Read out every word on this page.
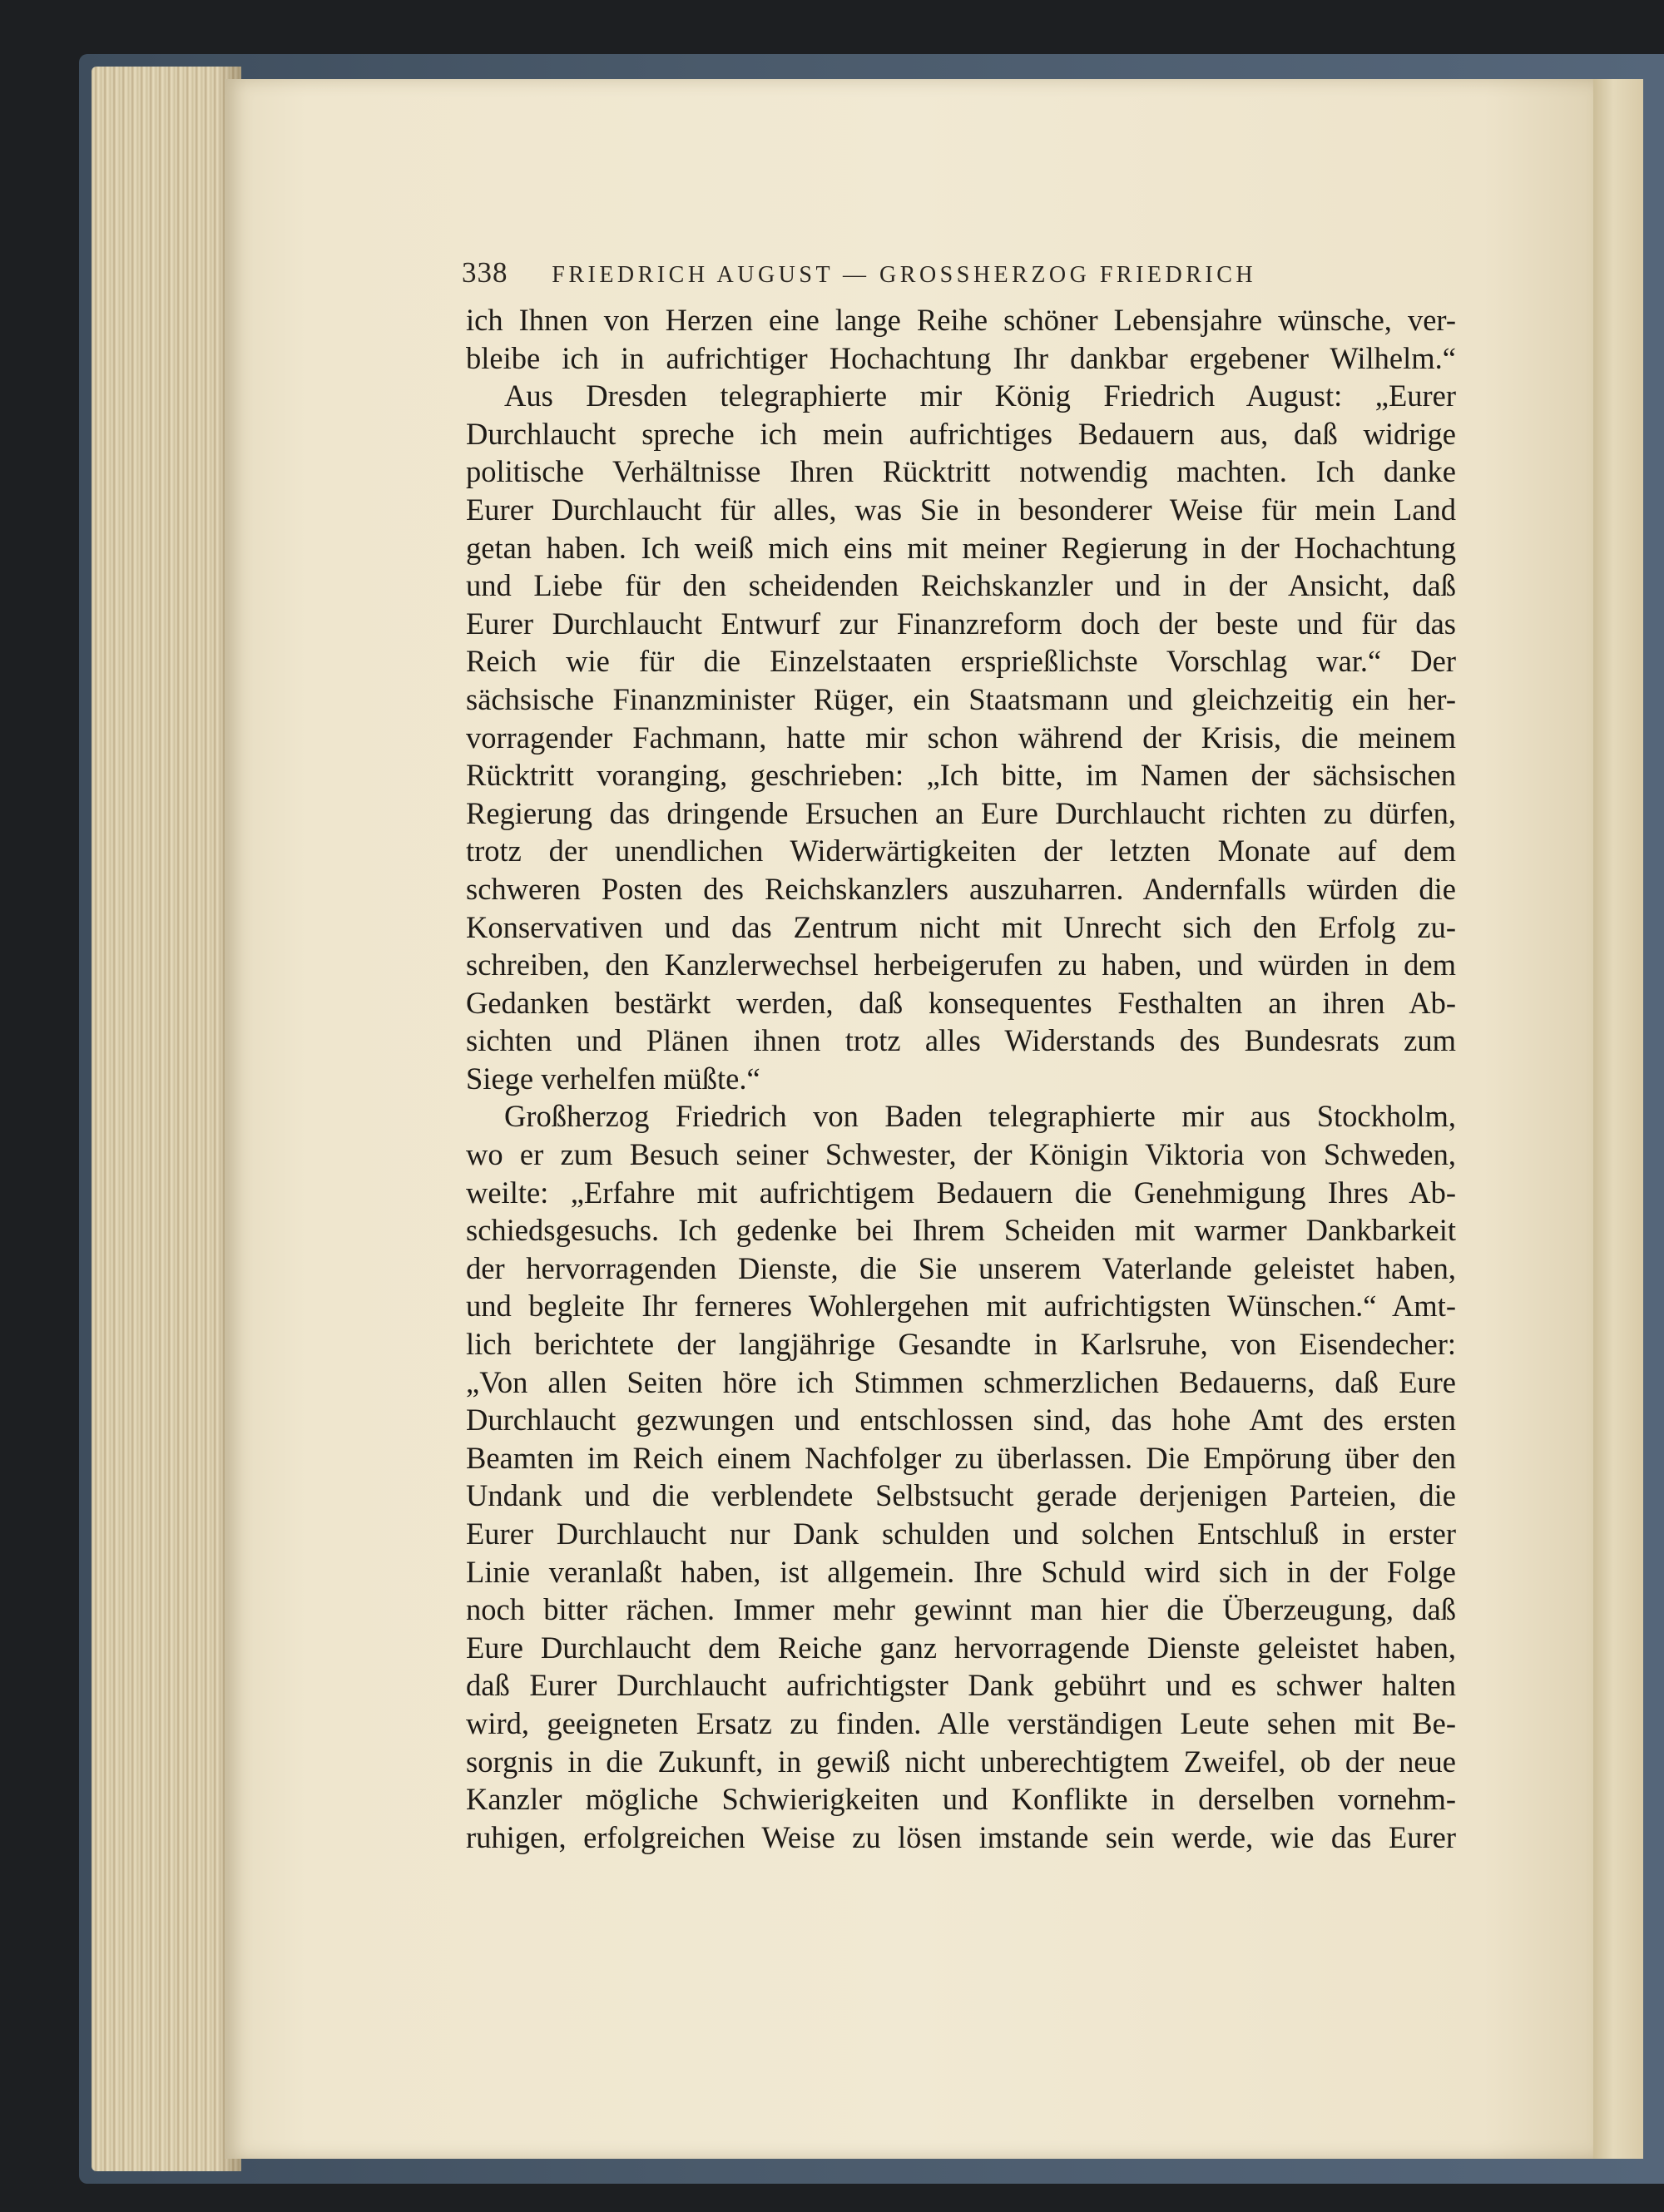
338 FRIEDRICH AUGUST — GROSSHERZOG FRIEDRICH
ich Ihnen von Herzen eine lange Reihe schöner Lebensjahre wünsche, ver-
bleibe ich in aufrichtiger Hochachtung Ihr dankbar ergebener Wilhelm.“
Aus Dresden telegraphierte mir König Friedrich August: „Eurer
Durchlaucht spreche ich mein aufrichtiges Bedauern aus, daß widrige
politische Verhältnisse Ihren Rücktritt notwendig machten. Ich danke
Eurer Durchlaucht für alles, was Sie in besonderer Weise für mein Land
getan haben. Ich weiß mich eins mit meiner Regierung in der Hochachtung
und Liebe für den scheidenden Reichskanzler und in der Ansicht, daß
Eurer Durchlaucht Entwurf zur Finanzreform doch der beste und für das
Reich wie für die Einzelstaaten ersprießlichste Vorschlag war.“ Der
sächsische Finanzminister Rüger, ein Staatsmann und gleichzeitig ein her-
vorragender Fachmann, hatte mir schon während der Krisis, die meinem
Rücktritt voranging, geschrieben: „Ich bitte, im Namen der sächsischen
Regierung das dringende Ersuchen an Eure Durchlaucht richten zu dürfen,
trotz der unendlichen Widerwärtigkeiten der letzten Monate auf dem
schweren Posten des Reichskanzlers auszuharren. Andernfalls würden die
Konservativen und das Zentrum nicht mit Unrecht sich den Erfolg zu-
schreiben, den Kanzlerwechsel herbeigerufen zu haben, und würden in dem
Gedanken bestärkt werden, daß konsequentes Festhalten an ihren Ab-
sichten und Plänen ihnen trotz alles Widerstands des Bundesrats zum
Siege verhelfen müßte.“
Großherzog Friedrich von Baden telegraphierte mir aus Stockholm,
wo er zum Besuch seiner Schwester, der Königin Viktoria von Schweden,
weilte: „Erfahre mit aufrichtigem Bedauern die Genehmigung Ihres Ab-
schiedsgesuchs. Ich gedenke bei Ihrem Scheiden mit warmer Dankbarkeit
der hervorragenden Dienste, die Sie unserem Vaterlande geleistet haben,
und begleite Ihr ferneres Wohlergehen mit aufrichtigsten Wünschen.“ Amt-
lich berichtete der langjährige Gesandte in Karlsruhe, von Eisendecher:
„Von allen Seiten höre ich Stimmen schmerzlichen Bedauerns, daß Eure
Durchlaucht gezwungen und entschlossen sind, das hohe Amt des ersten
Beamten im Reich einem Nachfolger zu überlassen. Die Empörung über den
Undank und die verblendete Selbstsucht gerade derjenigen Parteien, die
Eurer Durchlaucht nur Dank schulden und solchen Entschluß in erster
Linie veranlaßt haben, ist allgemein. Ihre Schuld wird sich in der Folge
noch bitter rächen. Immer mehr gewinnt man hier die Überzeugung, daß
Eure Durchlaucht dem Reiche ganz hervorragende Dienste geleistet haben,
daß Eurer Durchlaucht aufrichtigster Dank gebührt und es schwer halten
wird, geeigneten Ersatz zu finden. Alle verständigen Leute sehen mit Be-
sorgnis in die Zukunft, in gewiß nicht unberechtigtem Zweifel, ob der neue
Kanzler mögliche Schwierigkeiten und Konflikte in derselben vornehm-
ruhigen, erfolgreichen Weise zu lösen imstande sein werde, wie das Eurer
